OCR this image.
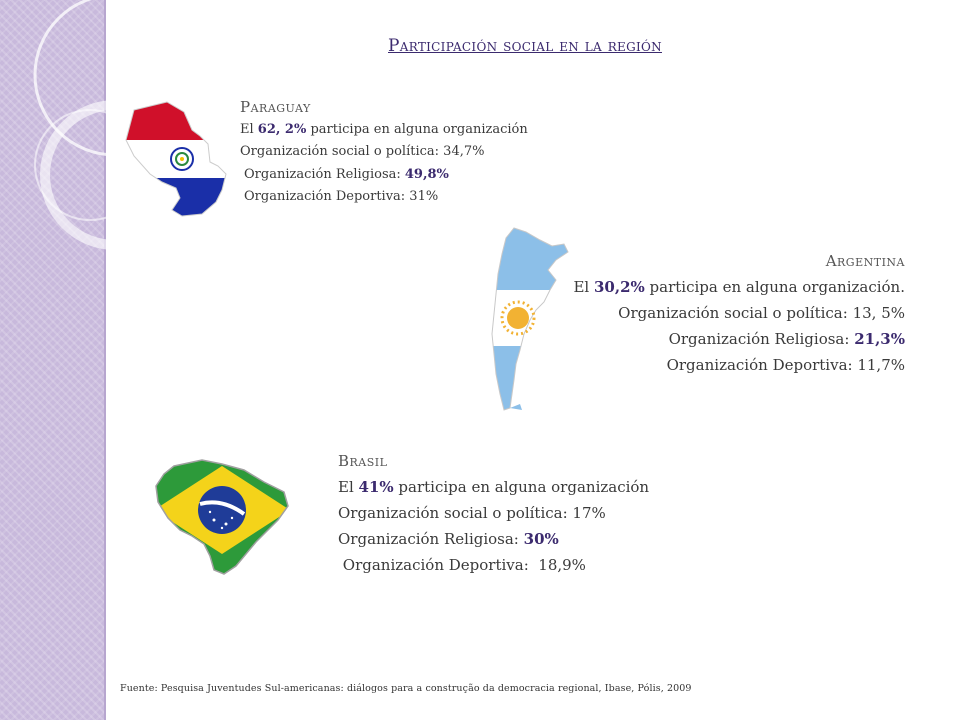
Participación social en la región
Paraguay
El 62, 2% participa en alguna organización
Organización social o política: 34,7%
Organización Religiosa: 49,8%
Organización Deportiva: 31%
Argentina
El 30,2% participa en alguna organización.
Organización social o política: 13, 5%
Organización Religiosa: 21,3%
Organización Deportiva: 11,7%
Brasil
El 41% participa en alguna organización
Organización social o política: 17%
Organización Religiosa: 30%
Organización Deportiva:  18,9%
Fuente: Pesquisa Juventudes Sul-americanas: diálogos para a construção da democracia regional, Ibase, Pólis, 2009
